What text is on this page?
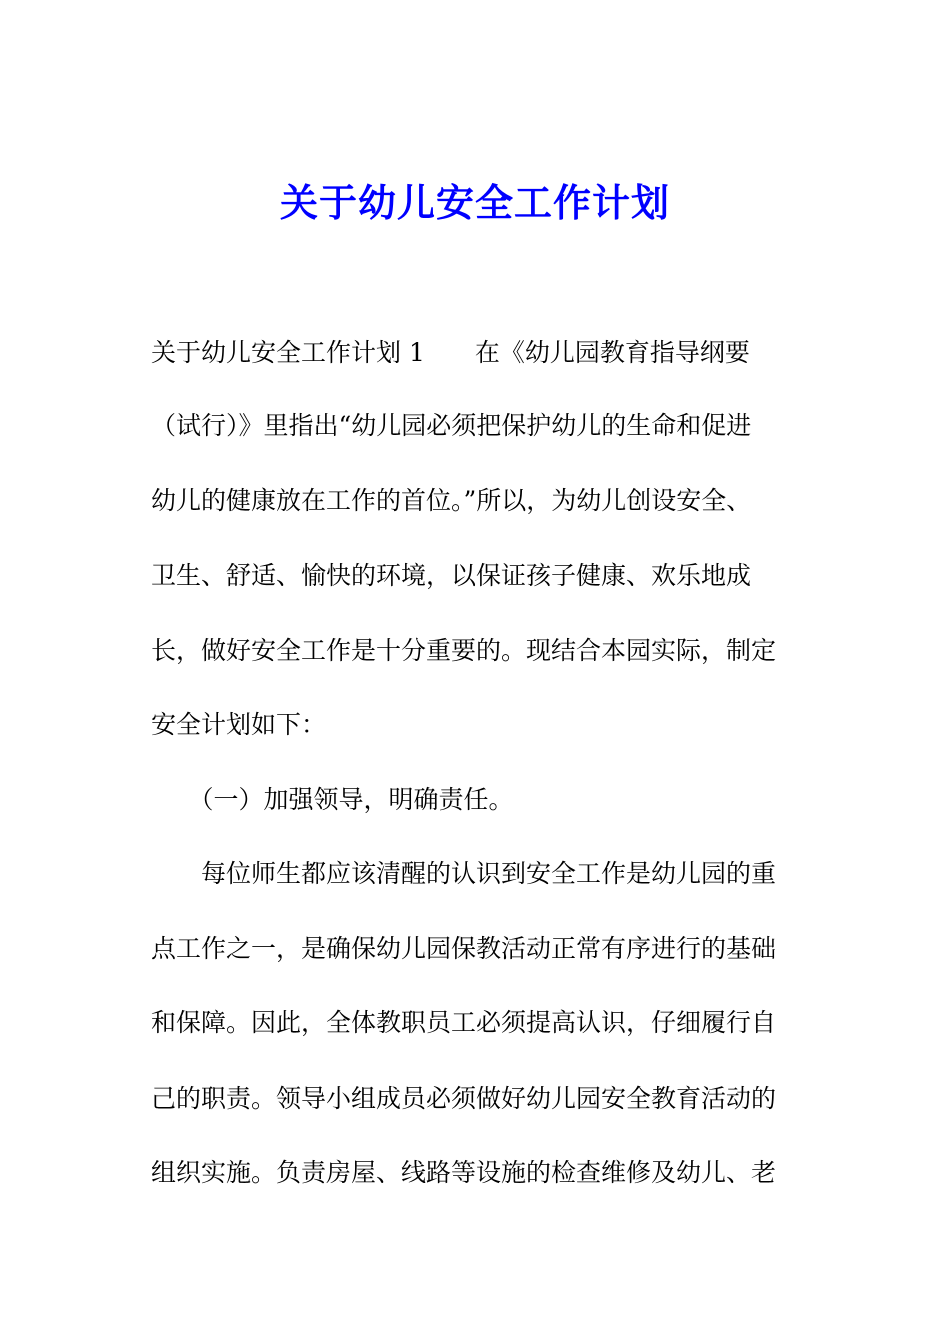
关于幼儿安全工作计划
关于幼儿安全工作计划 1　　在《幼儿园教育指导纲要
（试行）》里指出“幼儿园必须把保护幼儿的生命和促进
幼儿的健康放在工作的首位。”所以，为幼儿创设安全、
卫生、舒适、愉快的环境，以保证孩子健康、欢乐地成
长，做好安全工作是十分重要的。现结合本园实际，制定
安全计划如下：
　　（一）加强领导，明确责任。
　　每位师生都应该清醒的认识到安全工作是幼儿园的重
点工作之一，是确保幼儿园保教活动正常有序进行的基础
和保障。因此，全体教职员工必须提高认识，仔细履行自
己的职责。领导小组成员必须做好幼儿园安全教育活动的
组织实施。负责房屋、线路等设施的检查维修及幼儿、老
